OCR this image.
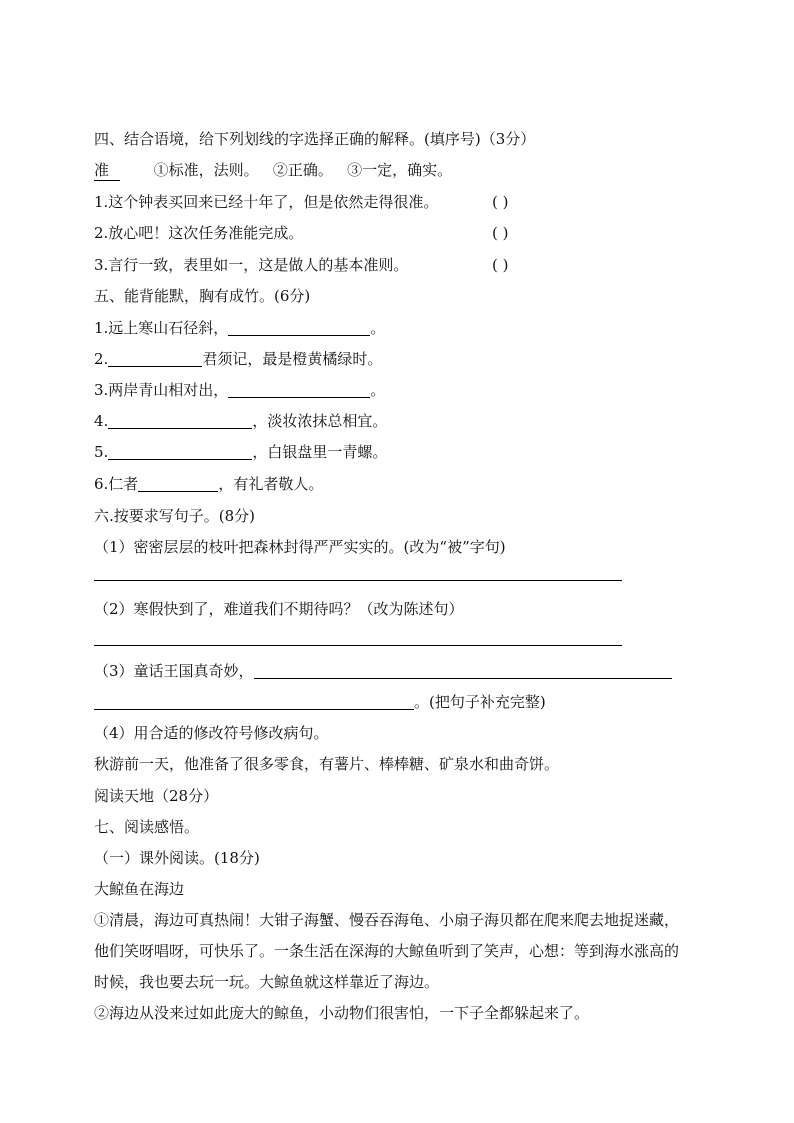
四、结合语境，给下列划线的字选择正确的解释。(填序号)（3分）
准	①标准，法则。   ②正确。   ③一定，确实。
1.这个钟表买回来已经十年了，但是依然走得很准。	( )
2.放心吧！这次任务准能完成。	( )
3.言行一致，表里如一，这是做人的基本准则。	( )
五、能背能默，胸有成竹。(6分)
1.远上寒山石径斜，	。
2.	君须记，最是橙黄橘绿时。
3.两岸青山相对出，	。
4.	，淡妆浓抹总相宜。
5.	，白银盘里一青螺。
6.仁者	，有礼者敬人。
六.按要求写句子。(8分)
（1）密密层层的枝叶把森林封得严严实实的。(改为“被”字句)
（2）寒假快到了，难道我们不期待吗？（改为陈述句）
（3）童话王国真奇妙，
。(把句子补充完整)
（4）用合适的修改符号修改病句。
秋游前一天，他准备了很多零食，有薯片、棒棒糖、矿泉水和曲奇饼。
阅读天地（28分）
七、阅读感悟。
（一）课外阅读。(18分)
大鲸鱼在海边
①清晨，海边可真热闹！大钳子海蟹、慢吞吞海龟、小扇子海贝都在爬来爬去地捉迷藏，
他们笑呀唱呀，可快乐了。一条生活在深海的大鲸鱼听到了笑声，心想：等到海水涨高的
时候，我也要去玩一玩。大鲸鱼就这样靠近了海边。
②海边从没来过如此庞大的鲸鱼，小动物们很害怕，一下子全都躲起来了。
